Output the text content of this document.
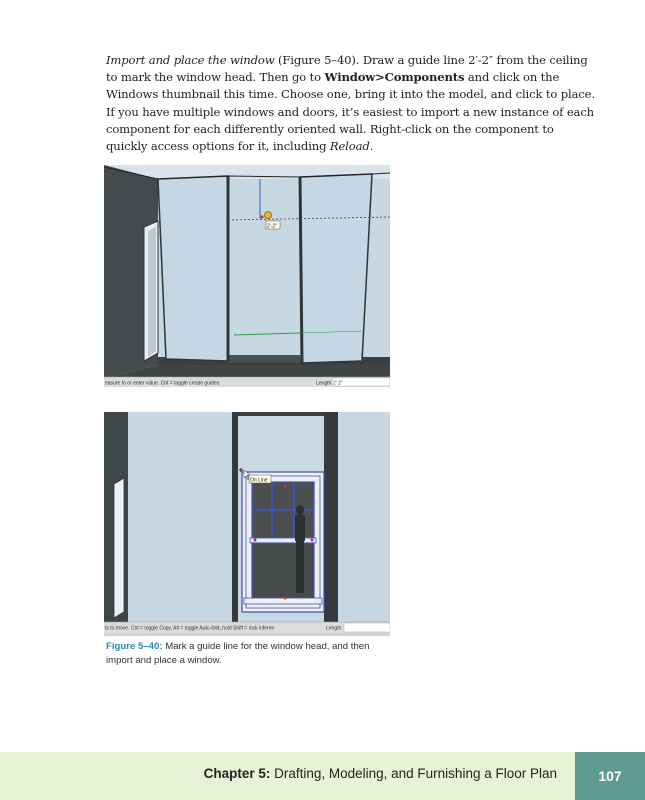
Import and place the window (Figure 5–40). Draw a guide line 2′-2″ from the ceiling to mark the window head. Then go to Window>Components and click on the Windows thumbnail this time. Choose one, bring it into the model, and click to place. If you have multiple windows and doors, it’s easiest to import a new instance of each component for each differently oriented wall. Right-click on the component to quickly access options for it, including Reload.

2'-2"
easure to or enter value. Ctrl = toggle create guides.	Length 2' 2"
On Line
ts to move. Ctrl = toggle Copy, Alt = toggle Auto-fold, hold Shift = lock inferen	Length
Figure 5–40: Mark a guide line for the window head, and then import and place a window.
Chapter 5: Drafting, Modeling, and Furnishing a Floor Plan	107
